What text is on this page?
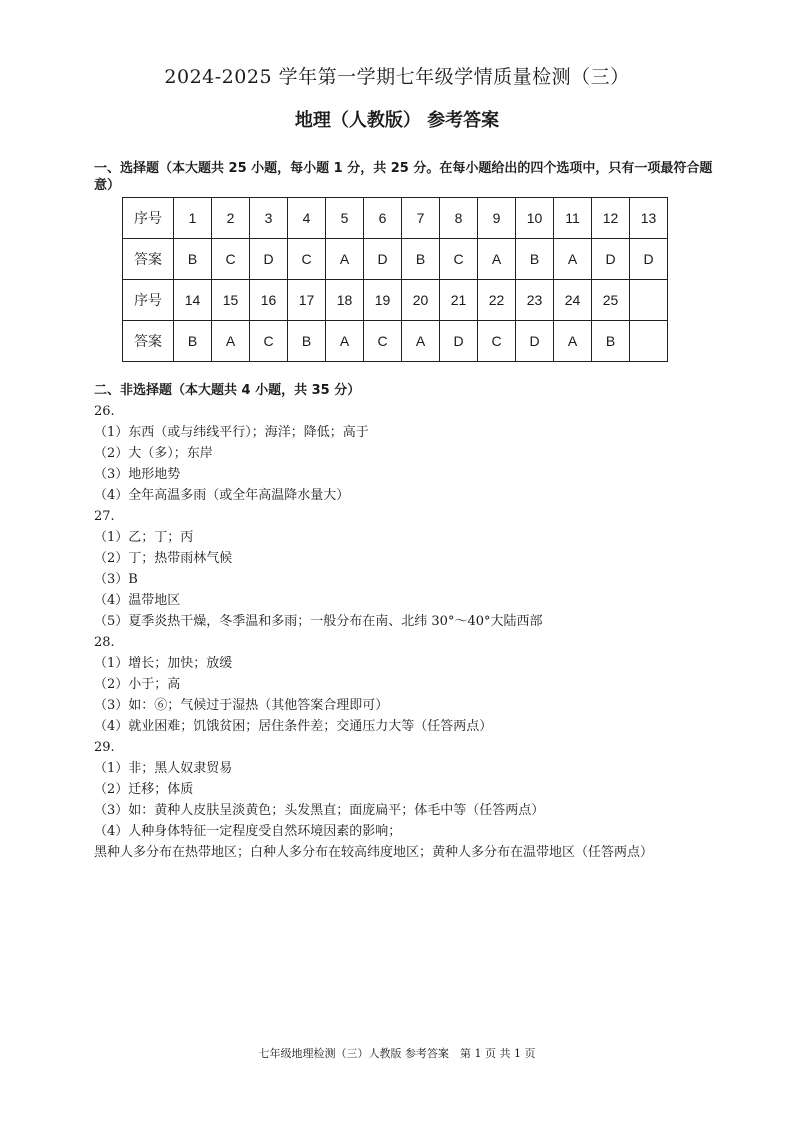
2024-2025 学年第一学期七年级学情质量检测（三）
地理（人教版） 参考答案
一、选择题（本大题共 25 小题，每小题 1 分，共 25 分。在每小题给出的四个选项中，只有一项最符合题意）
序号	1	2	3	4	5	6	7	8	9	10	11	12	13
答案	B	C	D	C	A	D	B	C	A	B	A	D	D
序号	14	15	16	17	18	19	20	21	22	23	24	25	
答案	B	A	C	B	A	C	A	D	C	D	A	B	
二、非选择题（本大题共 4 小题，共 35 分）
26.
（1）东西（或与纬线平行）；海洋；降低；高于
（2）大（多）；东岸
（3）地形地势
（4）全年高温多雨（或全年高温降水量大）
27.
（1）乙；丁；丙
（2）丁；热带雨林气候
（3）B
（4）温带地区
（5）夏季炎热干燥，冬季温和多雨；一般分布在南、北纬 30°～40°大陆西部
28.
（1）增长；加快；放缓
（2）小于；高
（3）如：⑥；气候过于湿热（其他答案合理即可）
（4）就业困难；饥饿贫困；居住条件差；交通压力大等（任答两点）
29.
（1）非；黑人奴隶贸易
（2）迁移；体质
（3）如：黄种人皮肤呈淡黄色；头发黑直；面庞扁平；体毛中等（任答两点）
（4）人种身体特征一定程度受自然环境因素的影响；
黑种人多分布在热带地区；白种人多分布在较高纬度地区；黄种人多分布在温带地区（任答两点）
七年级地理检测（三）人教版 参考答案　第 1 页 共 1 页
